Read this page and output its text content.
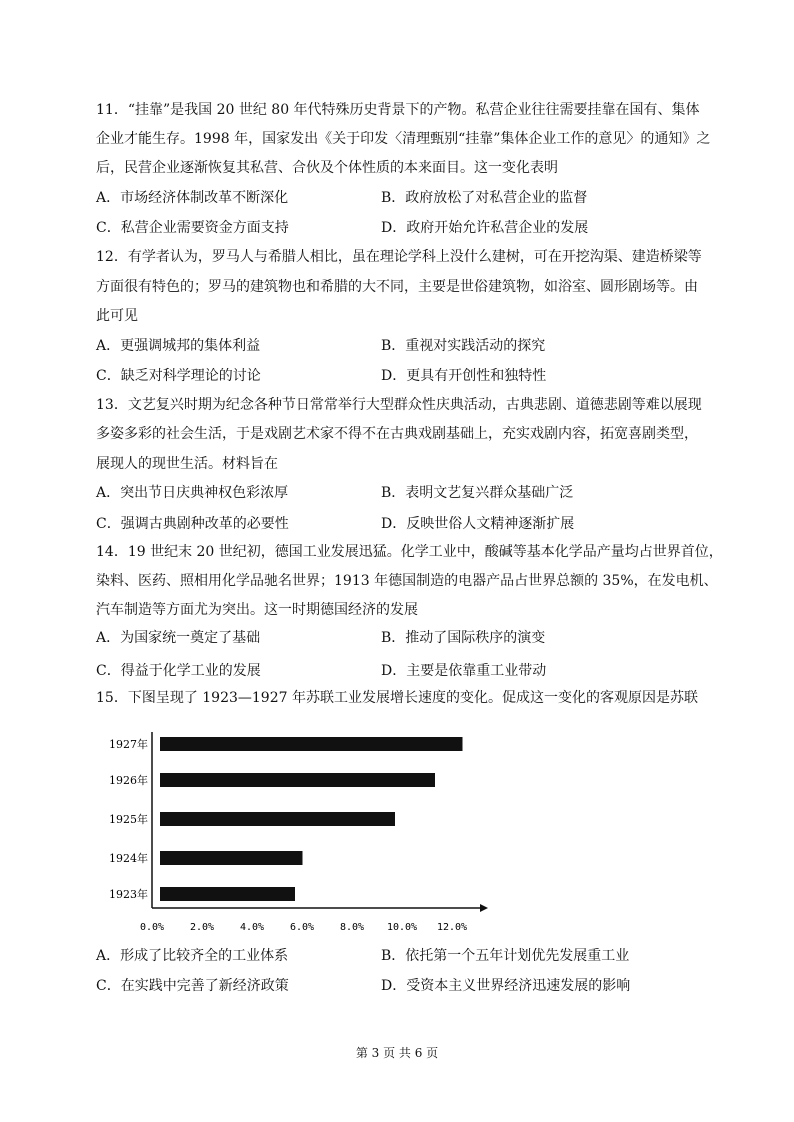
11．“挂靠”是我国 20 世纪 80 年代特殊历史背景下的产物。私营企业往往需要挂靠在国有、集体
企业才能生存。1998 年，国家发出《关于印发〈清理甄别“挂靠”集体企业工作的意见〉的通知》之
后，民营企业逐渐恢复其私营、合伙及个体性质的本来面目。这一变化表明
A．市场经济体制改革不断深化	B．政府放松了对私营企业的监督
C．私营企业需要资金方面支持	D．政府开始允许私营企业的发展
12．有学者认为，罗马人与希腊人相比，虽在理论学科上没什么建树，可在开挖沟渠、建造桥梁等
方面很有特色的；罗马的建筑物也和希腊的大不同，主要是世俗建筑物，如浴室、圆形剧场等。由
此可见
A．更强调城邦的集体利益	B．重视对实践活动的探究
C．缺乏对科学理论的讨论	D．更具有开创性和独特性
13．文艺复兴时期为纪念各种节日常常举行大型群众性庆典活动，古典悲剧、道德悲剧等难以展现
多姿多彩的社会生活，于是戏剧艺术家不得不在古典戏剧基础上，充实戏剧内容，拓宽喜剧类型，
展现人的现世生活。材料旨在
A．突出节日庆典神权色彩浓厚	B．表明文艺复兴群众基础广泛
C．强调古典剧种改革的必要性	D．反映世俗人文精神逐渐扩展
14．19 世纪末 20 世纪初，德国工业发展迅猛。化学工业中，酸碱等基本化学品产量均占世界首位，
染料、医药、照相用化学品驰名世界；1913 年德国制造的电器产品占世界总额的 35%，在发电机、
汽车制造等方面尤为突出。这一时期德国经济的发展
A．为国家统一奠定了基础	B．推动了国际秩序的演变
C．得益于化学工业的发展	D．主要是依靠重工业带动
15．下图呈现了 1923—1927 年苏联工业发展增长速度的变化。促成这一变化的客观原因是苏联
1927年
1926年
1925年
1924年
1923年
0.0%	2.0%	4.0%	6.0%	8.0% 10.0% 12.0%
A．形成了比较齐全的工业体系	B．依托第一个五年计划优先发展重工业
C．在实践中完善了新经济政策	D．受资本主义世界经济迅速发展的影响
第 3 页 共 6 页
